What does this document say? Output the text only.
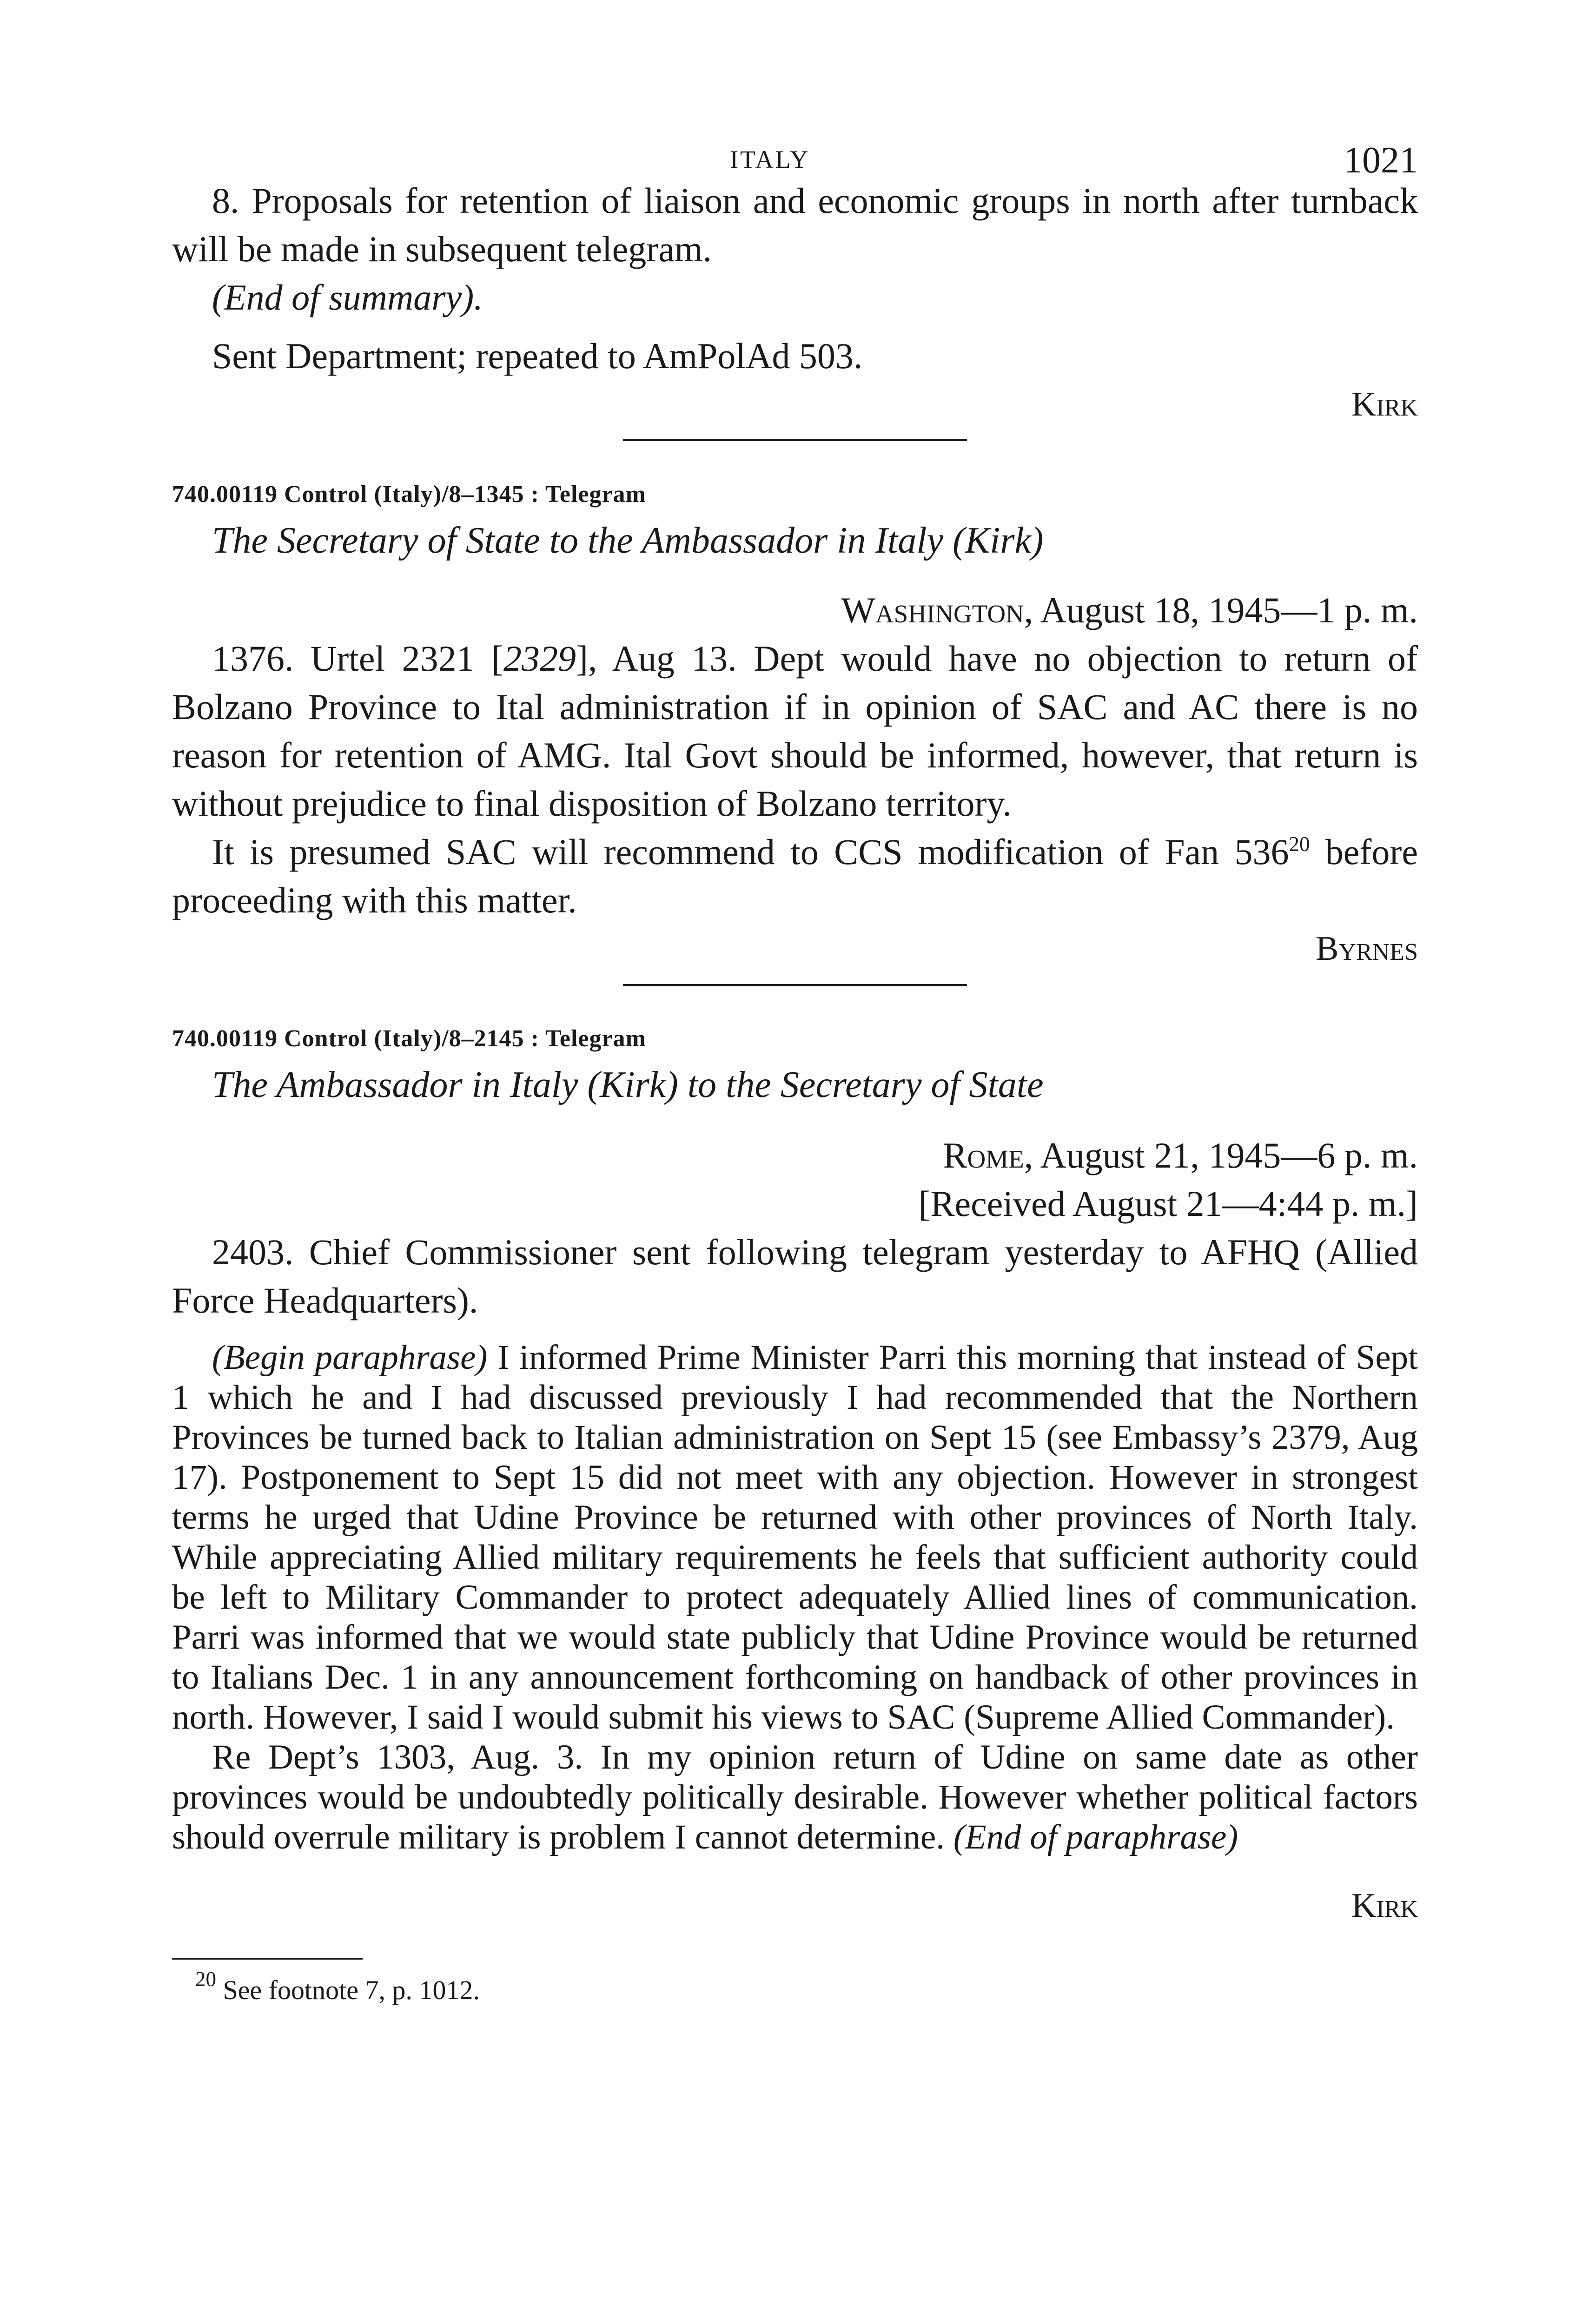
ITALY	1021

8. Proposals for retention of liaison and economic groups in north after turnback will be made in subsequent telegram.

(End of summary).

Sent Department; repeated to AmPolAd 503.

Kirk

740.00119 Control (Italy)/8–1345 : Telegram

The Secretary of State to the Ambassador in Italy (Kirk)

Washington, August 18, 1945—1 p. m.

1376. Urtel 2321 [2329], Aug 13. Dept would have no objection to return of Bolzano Province to Ital administration if in opinion of SAC and AC there is no reason for retention of AMG. Ital Govt should be informed, however, that return is without prejudice to final disposition of Bolzano territory.

It is presumed SAC will recommend to CCS modification of Fan $536^{20}$ before proceeding with this matter.

Byrnes

740.00119 Control (Italy)/8–2145 : Telegram

The Ambassador in Italy (Kirk) to the Secretary of State

Rome, August 21, 1945—6 p. m.

[Received August 21—4:44 p. m.]

2403. Chief Commissioner sent following telegram yesterday to AFHQ (Allied Force Headquarters).

(Begin paraphrase) I informed Prime Minister Parri this morning that instead of Sept 1 which he and I had discussed previously I had recommended that the Northern Provinces be turned back to Italian administration on Sept 15 (see Embassy’s 2379, Aug 17). Postponement to Sept 15 did not meet with any objection. However in strongest terms he urged that Udine Province be returned with other provinces of North Italy. While appreciating Allied military requirements he feels that sufficient authority could be left to Military Commander to protect adequately Allied lines of communication. Parri was informed that we would state publicly that Udine Province would be returned to Italians Dec. 1 in any announcement forthcoming on handback of other provinces in north. However, I said I would submit his views to SAC (Supreme Allied Commander).

Re Dept’s 1303, Aug. 3. In my opinion return of Udine on same date as other provinces would be undoubtedly politically desirable. However whether political factors should overrule military is problem I cannot determine. (End of paraphrase)

Kirk

$^{20}$ See footnote 7, p. 1012.
